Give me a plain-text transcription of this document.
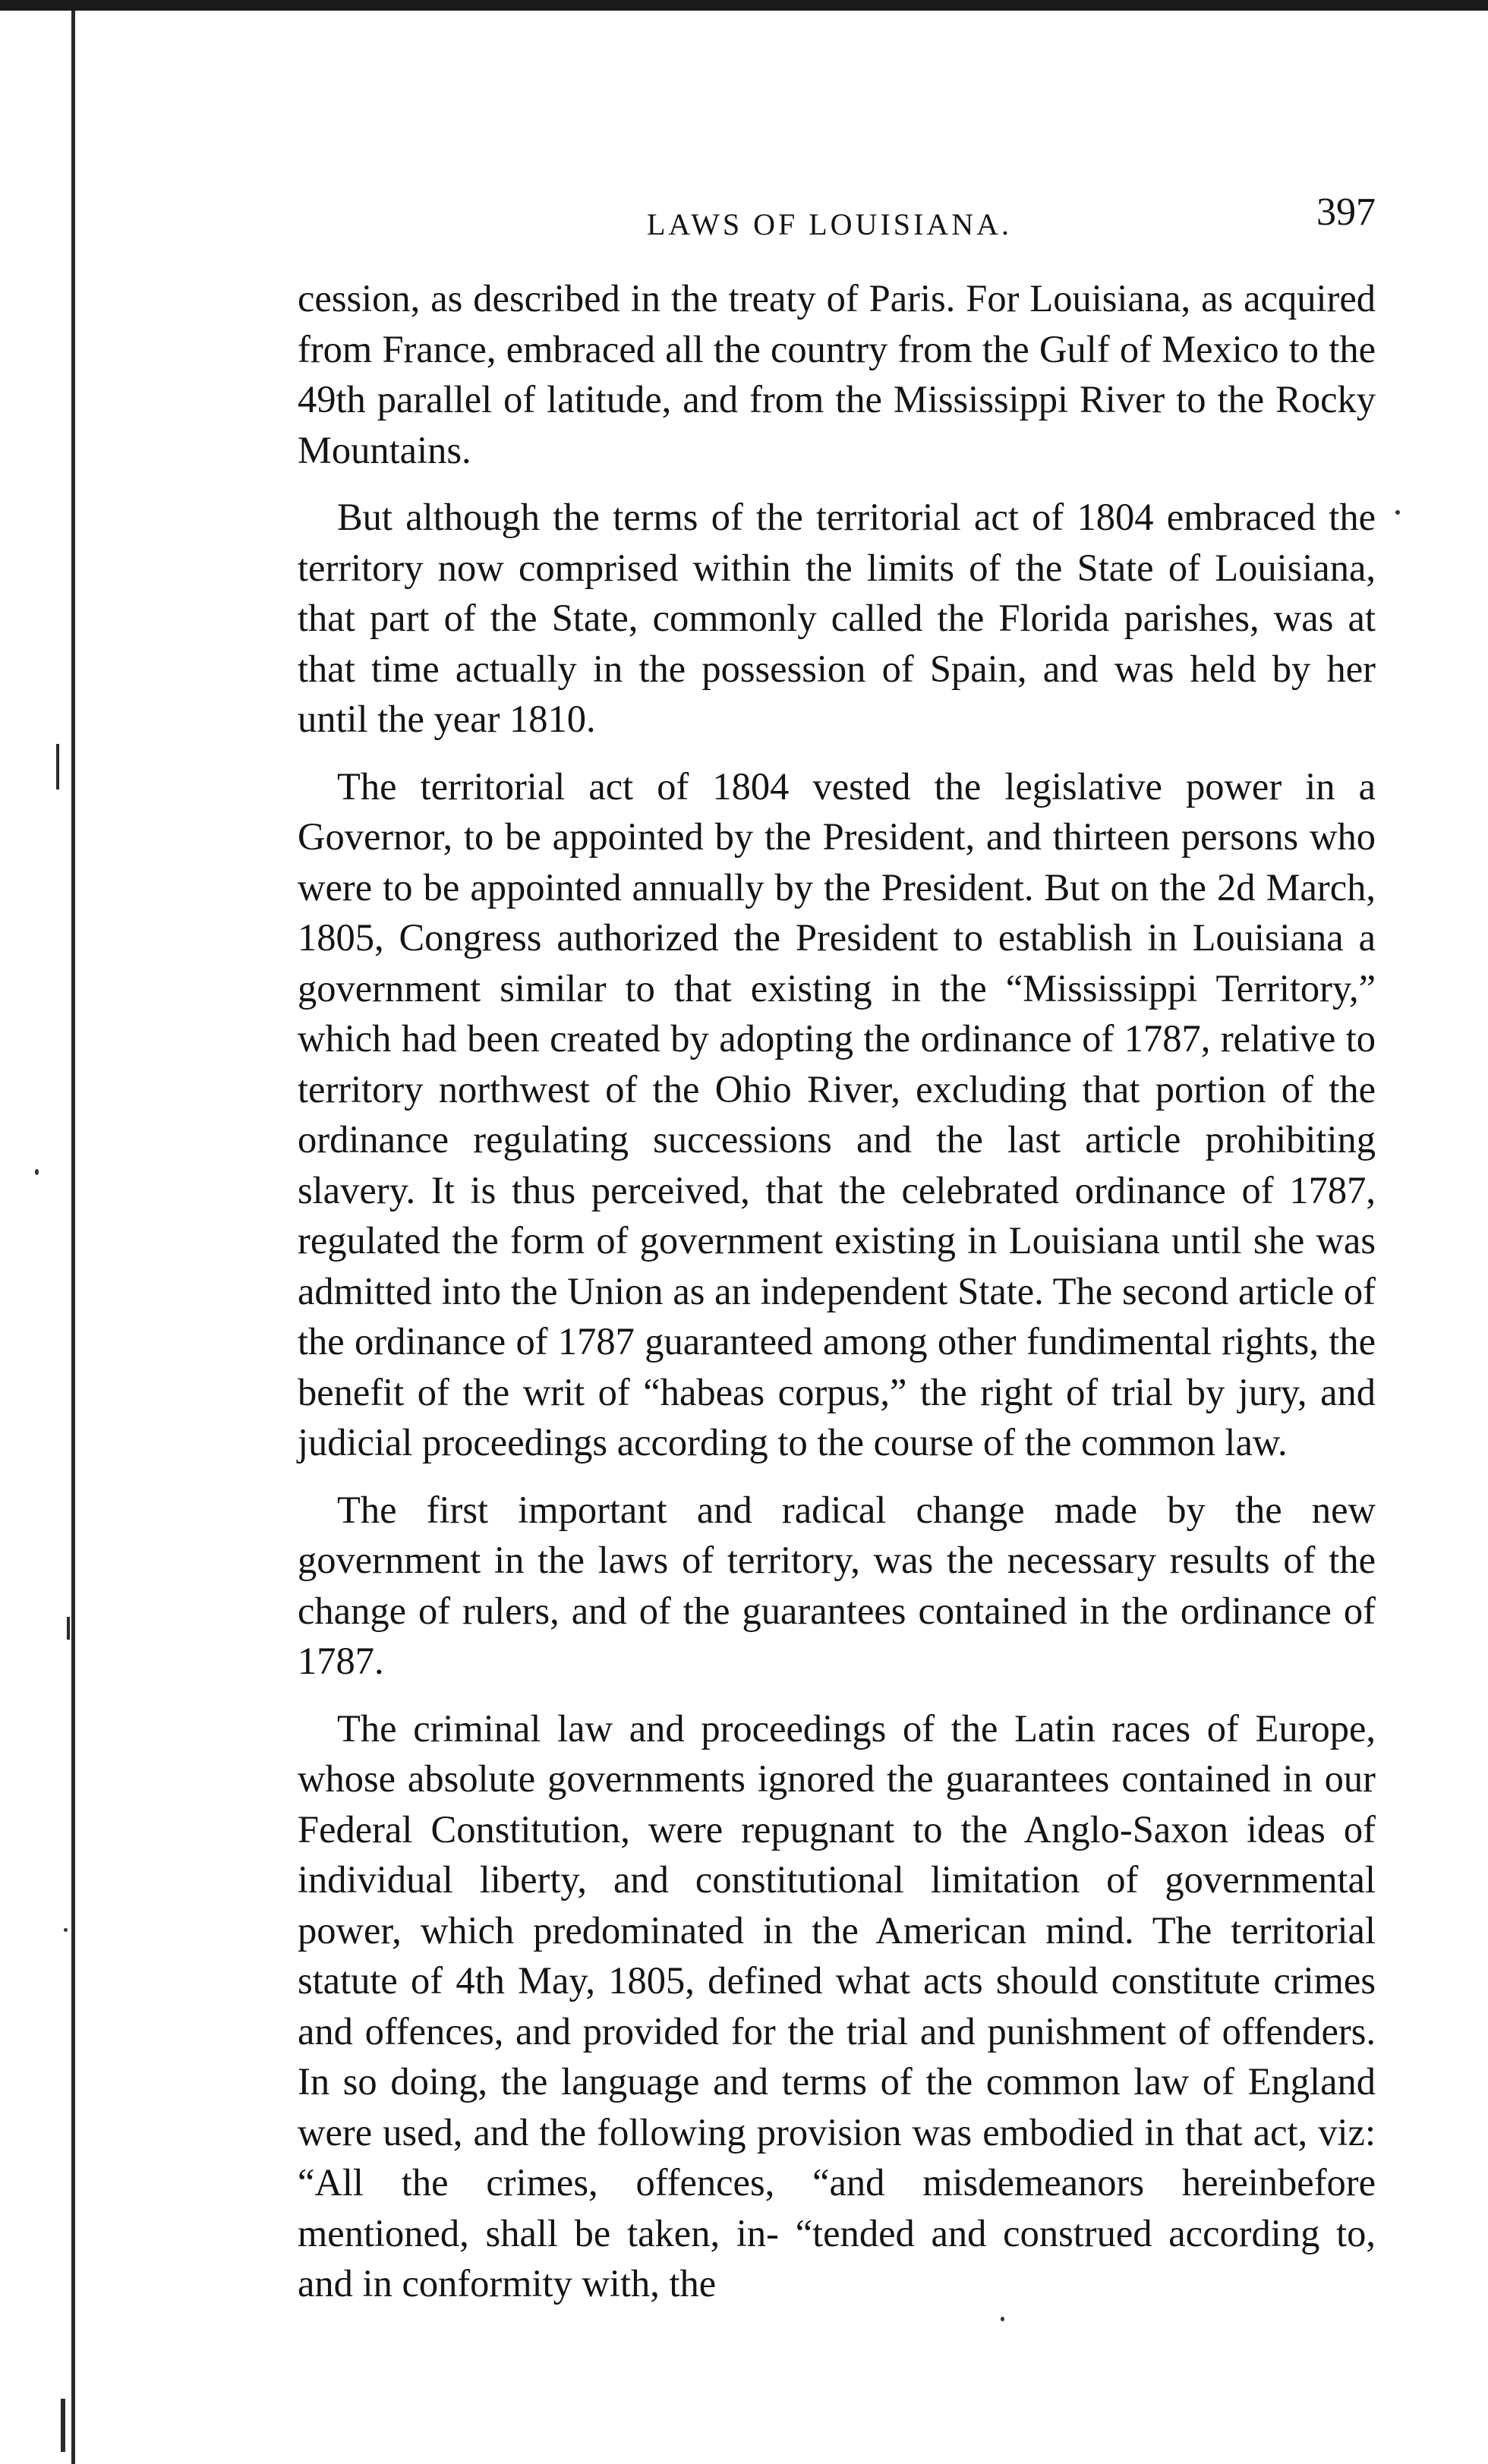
LAWS OF LOUISIANA.	397

cession, as described in the treaty of Paris. For Louisiana, as acquired from France, embraced all the country from the Gulf of Mexico to the 49th parallel of latitude, and from the Mississippi River to the Rocky Mountains.

But although the terms of the territorial act of 1804 embraced the territory now comprised within the limits of the State of Louisiana, that part of the State, commonly called the Florida parishes, was at that time actually in the possession of Spain, and was held by her until the year 1810.

The territorial act of 1804 vested the legislative power in a Governor, to be appointed by the President, and thirteen persons who were to be appointed annually by the President. But on the 2d March, 1805, Congress authorized the President to establish in Louisiana a government similar to that existing in the “Mississippi Territory,” which had been created by adopting the ordinance of 1787, relative to territory northwest of the Ohio River, excluding that portion of the ordinance regulating successions and the last article prohibiting slavery. It is thus perceived, that the celebrated ordinance of 1787, regulated the form of government existing in Louisiana until she was admitted into the Union as an independent State. The second article of the ordinance of 1787 guaranteed among other fundimental rights, the benefit of the writ of “habeas corpus,” the right of trial by jury, and judicial proceedings according to the course of the common law.

The first important and radical change made by the new government in the laws of territory, was the necessary results of the change of rulers, and of the guarantees contained in the ordinance of 1787.

The criminal law and proceedings of the Latin races of Europe, whose absolute governments ignored the guarantees contained in our Federal Constitution, were repugnant to the Anglo-Saxon ideas of individual liberty, and constitutional limitation of governmental power, which predominated in the American mind. The territorial statute of 4th May, 1805, defined what acts should constitute crimes and offences, and provided for the trial and punishment of offenders. In so doing, the language and terms of the common law of England were used, and the following provision was embodied in that act, viz: “All the crimes, offences, “and misdemeanors hereinbefore mentioned, shall be taken, in- “tended and construed according to, and in conformity with, the
